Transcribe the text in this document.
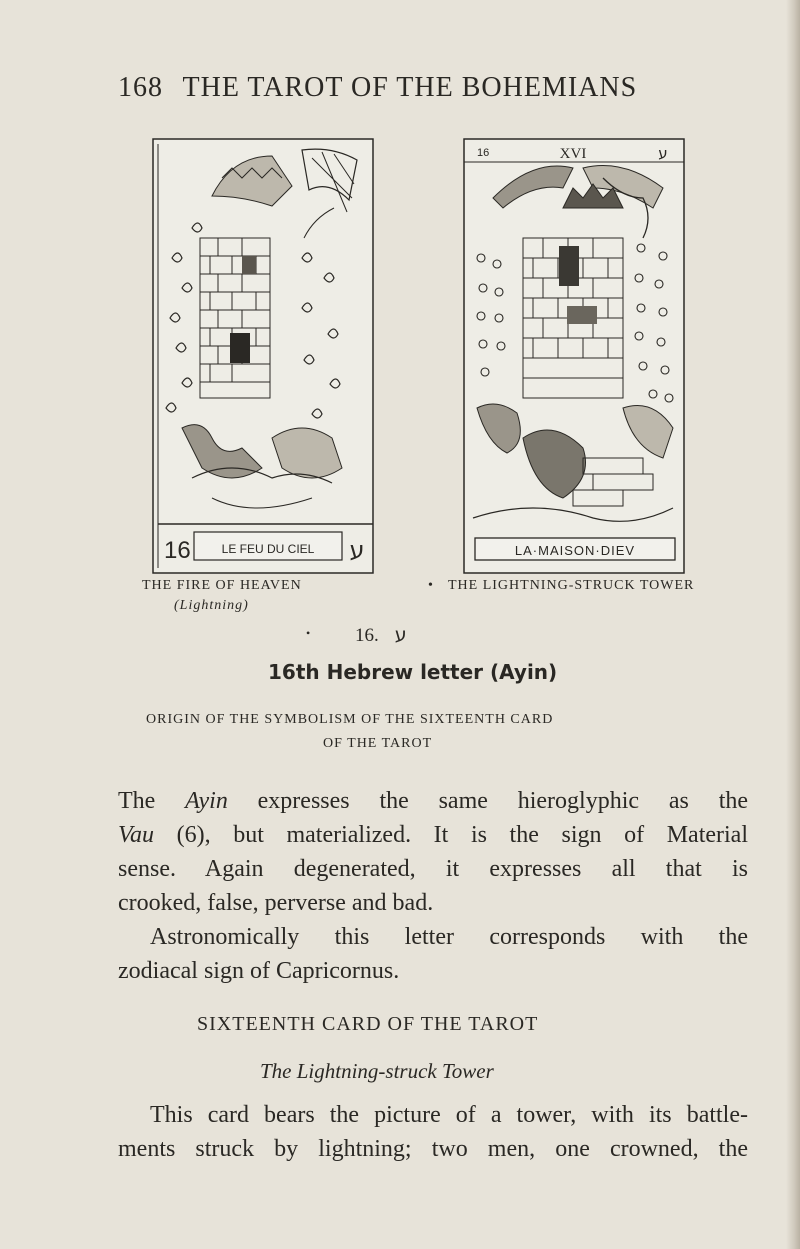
168 THE TAROT OF THE BOHEMIANS
16	LE FEU DU CIEL ע
16	XVI	ע
LA·MAISON·DIEV
THE FIRE OF HEAVEN
(Lightning)
• THE LIGHTNING-STRUCK TOWER
• 16. ע
16th Hebrew letter (Ayin)
ORIGIN OF THE SYMBOLISM OF THE SIXTEENTH CARD
OF THE TAROT
The Ayin expresses the same hieroglyphic as the
Vau (6), but materialized. It is the sign of Material
sense. Again degenerated, it expresses all that is
crooked, false, perverse and bad.
Astronomically this letter corresponds with the
zodiacal sign of Capricornus.
SIXTEENTH CARD OF THE TAROT
The Lightning-struck Tower
This card bears the picture of a tower, with its battle-
ments struck by lightning; two men, one crowned, the
